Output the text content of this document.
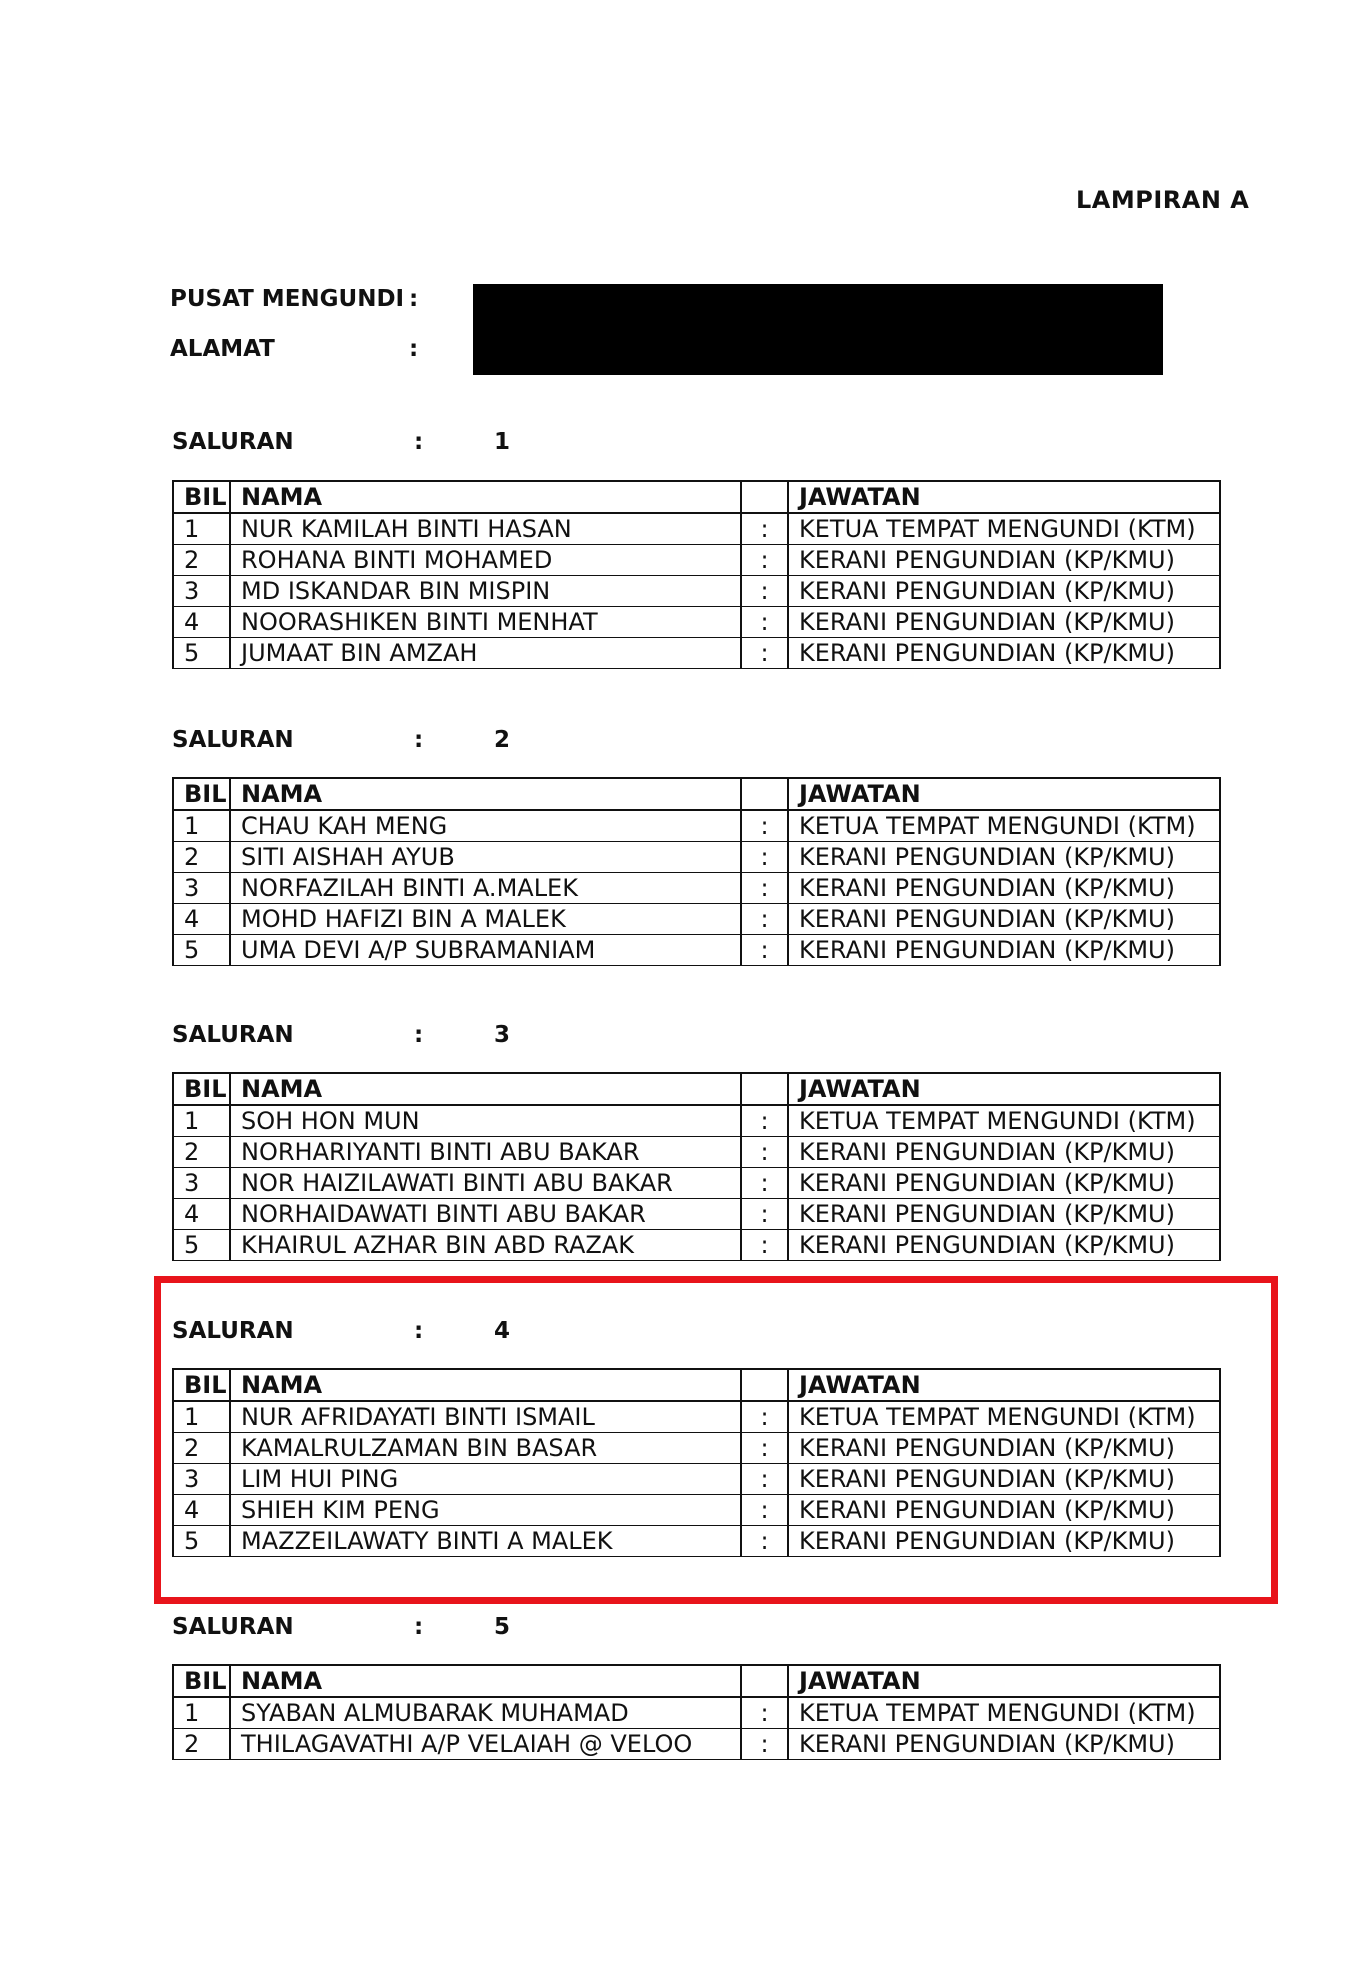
LAMPIRAN A
PUSAT MENGUNDI :
ALAMAT	:
SALURAN	:	1
BIL	NAMA		JAWATAN
1	NUR KAMILAH BINTI HASAN	:	KETUA TEMPAT MENGUNDI (KTM)
2	ROHANA BINTI MOHAMED	:	KERANI PENGUNDIAN (KP/KMU)
3	MD ISKANDAR BIN MISPIN	:	KERANI PENGUNDIAN (KP/KMU)
4	NOORASHIKEN BINTI MENHAT	:	KERANI PENGUNDIAN (KP/KMU)
5	JUMAAT BIN AMZAH	:	KERANI PENGUNDIAN (KP/KMU)
SALURAN	:	2
BIL	NAMA		JAWATAN
1	CHAU KAH MENG	:	KETUA TEMPAT MENGUNDI (KTM)
2	SITI AISHAH AYUB	:	KERANI PENGUNDIAN (KP/KMU)
3	NORFAZILAH BINTI A.MALEK	:	KERANI PENGUNDIAN (KP/KMU)
4	MOHD HAFIZI BIN A MALEK	:	KERANI PENGUNDIAN (KP/KMU)
5	UMA DEVI A/P SUBRAMANIAM	:	KERANI PENGUNDIAN (KP/KMU)
SALURAN	:	3
BIL	NAMA		JAWATAN
1	SOH HON MUN	:	KETUA TEMPAT MENGUNDI (KTM)
2	NORHARIYANTI BINTI ABU BAKAR	:	KERANI PENGUNDIAN (KP/KMU)
3	NOR HAIZILAWATI BINTI ABU BAKAR	:	KERANI PENGUNDIAN (KP/KMU)
4	NORHAIDAWATI BINTI ABU BAKAR	:	KERANI PENGUNDIAN (KP/KMU)
5	KHAIRUL AZHAR BIN ABD RAZAK	:	KERANI PENGUNDIAN (KP/KMU)
SALURAN	:	4
BIL	NAMA		JAWATAN
1	NUR AFRIDAYATI BINTI ISMAIL	:	KETUA TEMPAT MENGUNDI (KTM)
2	KAMALRULZAMAN BIN BASAR	:	KERANI PENGUNDIAN (KP/KMU)
3	LIM HUI PING	:	KERANI PENGUNDIAN (KP/KMU)
4	SHIEH KIM PENG	:	KERANI PENGUNDIAN (KP/KMU)
5	MAZZEILAWATY BINTI A MALEK	:	KERANI PENGUNDIAN (KP/KMU)
SALURAN	:	5
BIL	NAMA		JAWATAN
1	SYABAN ALMUBARAK MUHAMAD	:	KETUA TEMPAT MENGUNDI (KTM)
2	THILAGAVATHI A/P VELAIAH @ VELOO	:	KERANI PENGUNDIAN (KP/KMU)
